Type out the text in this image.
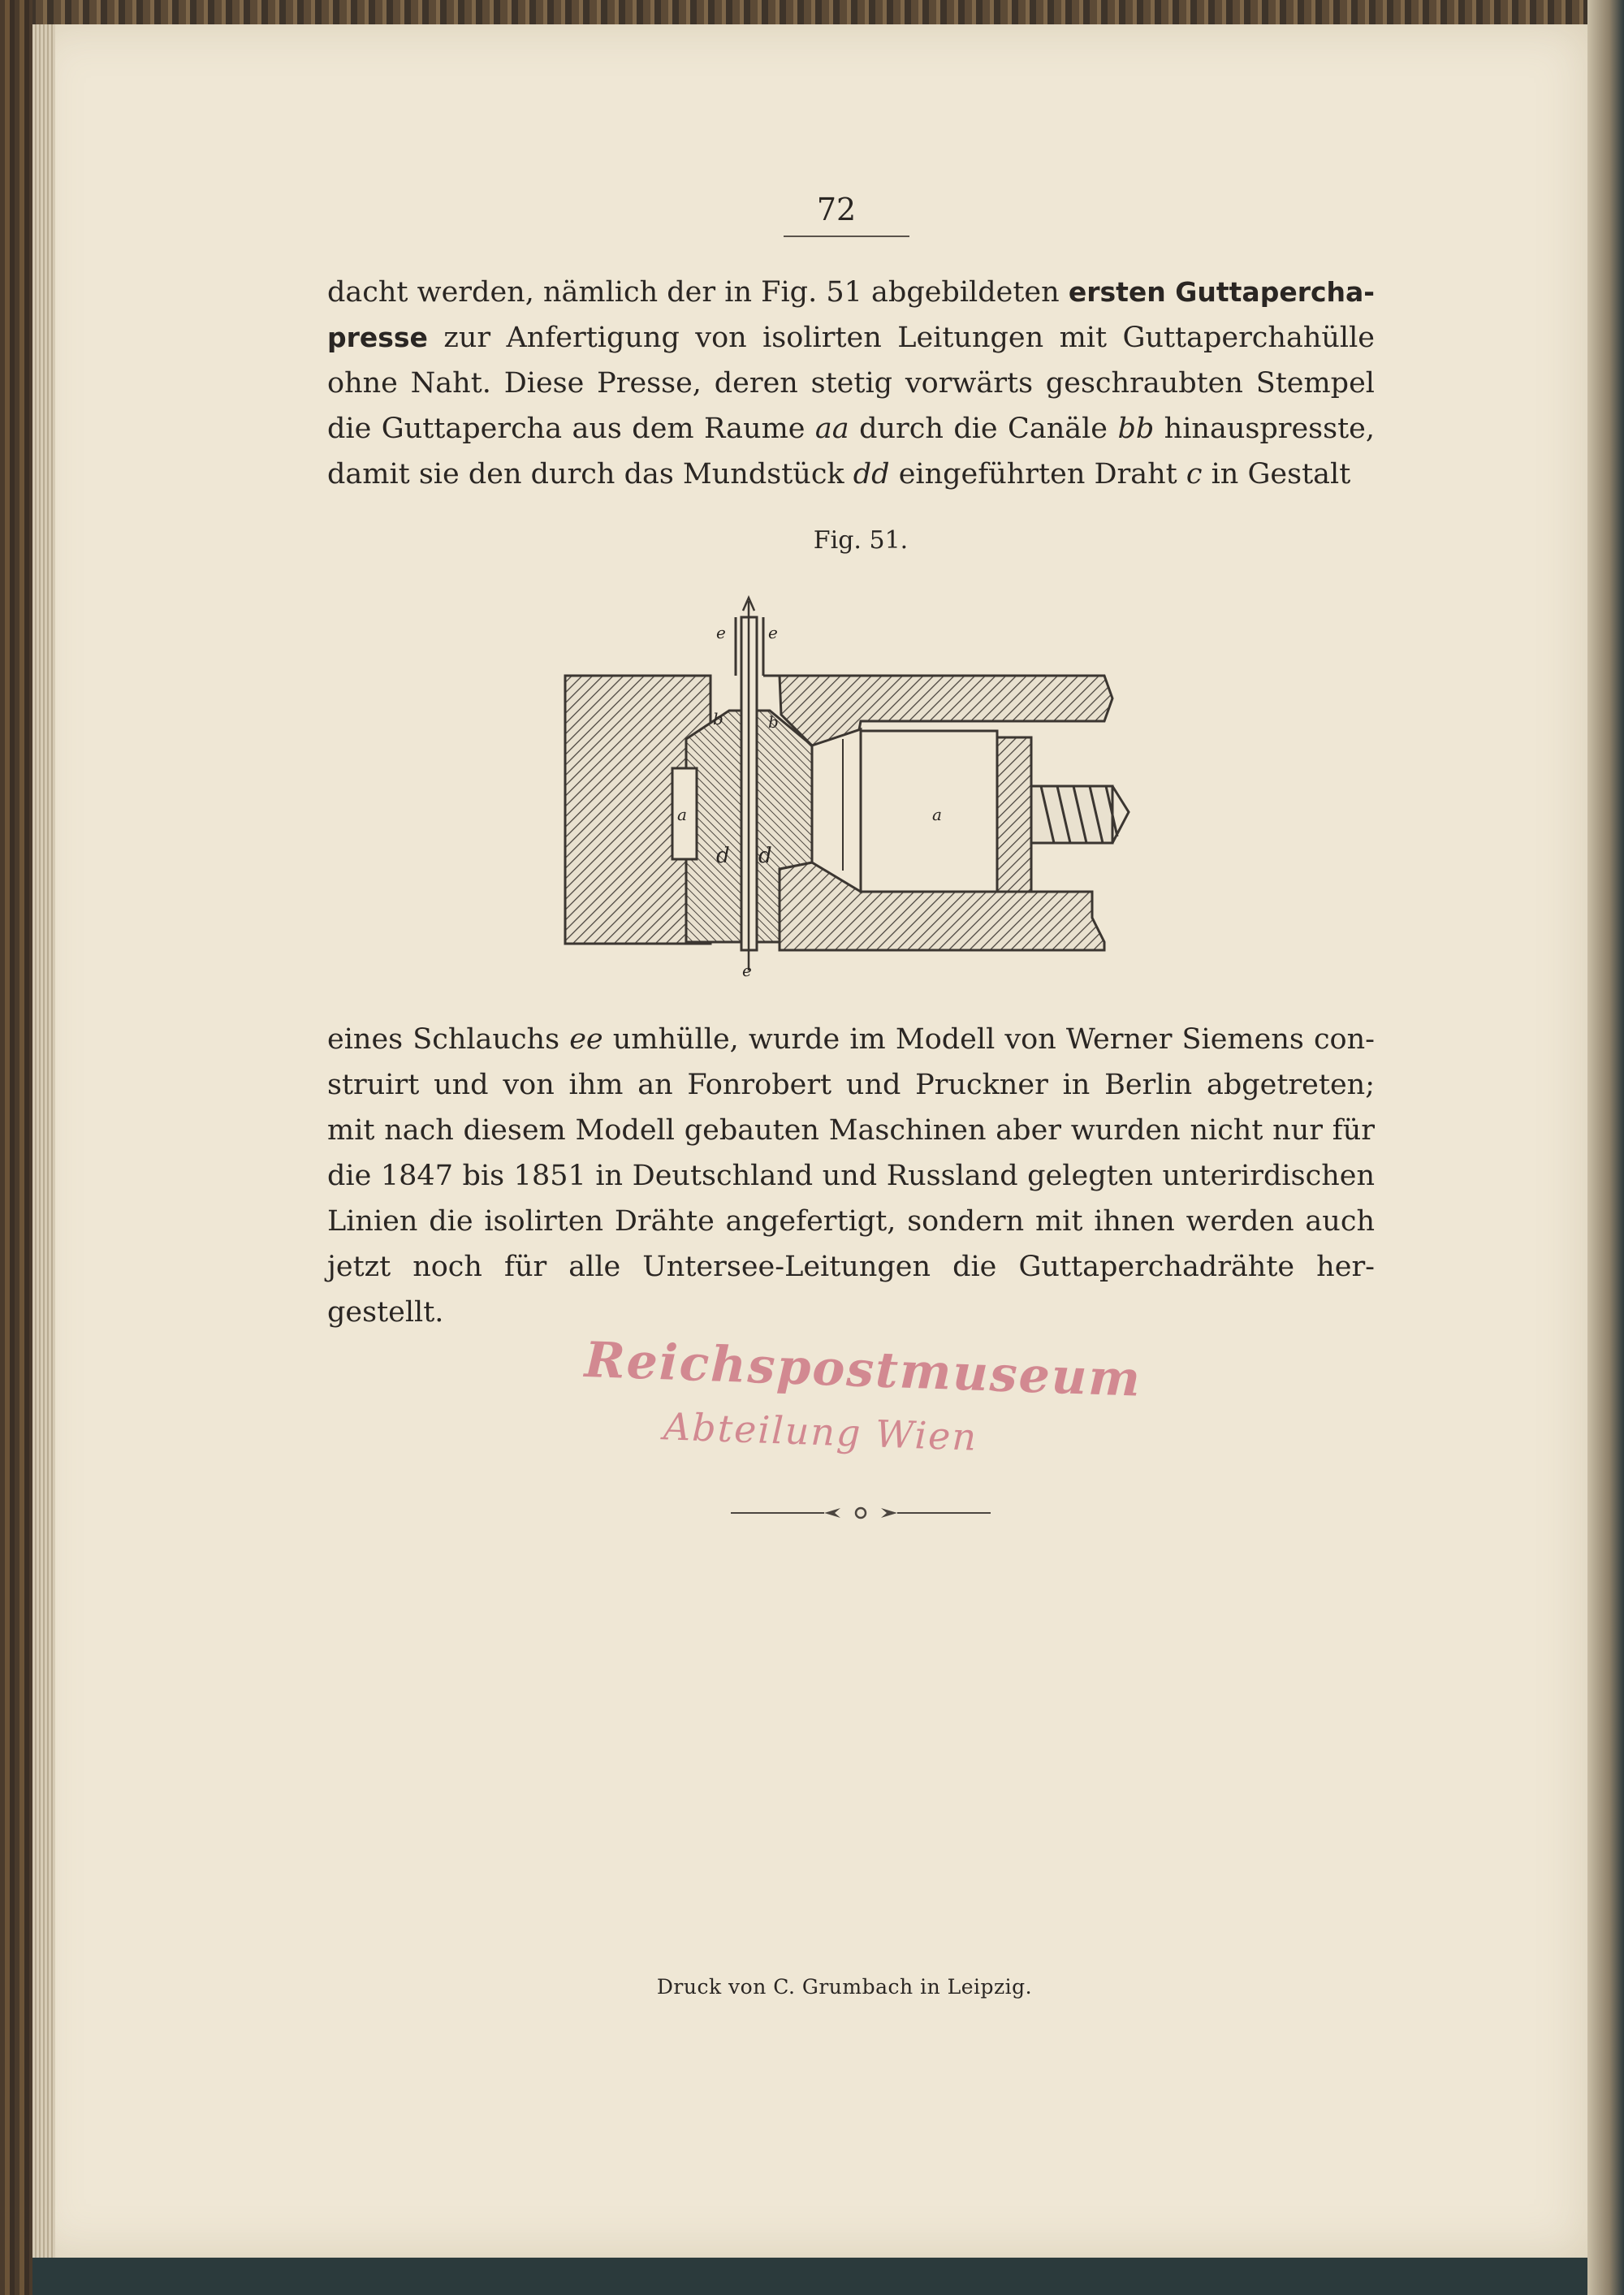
72
dacht werden, nämlich der in Fig. 51 abgebildeten ersten Guttapercha-
presse zur Anfertigung von isolirten Leitungen mit Guttaperchahülle
ohne Naht. Diese Presse, deren stetig vorwärts geschraubten Stempel
die Guttapercha aus dem Raume aa durch die Canäle bb hinauspresste,
damit sie den durch das Mundstück dd eingeführten Draht c in Gestalt
Fig. 51.
e	e
b	b
a	a
d d
e
eines Schlauchs ee umhülle, wurde im Modell von Werner Siemens con-
struirt und von ihm an Fonrobert und Pruckner in Berlin abgetreten;
mit nach diesem Modell gebauten Maschinen aber wurden nicht nur für
die 1847 bis 1851 in Deutschland und Russland gelegten unterirdischen
Linien die isolirten Drähte angefertigt, sondern mit ihnen werden auch
jetzt noch für alle Untersee-Leitungen die Guttaperchadrähte her-
gestellt.
Reichspostmuseum
Abteilung Wien
Druck von C. Grumbach in Leipzig.
